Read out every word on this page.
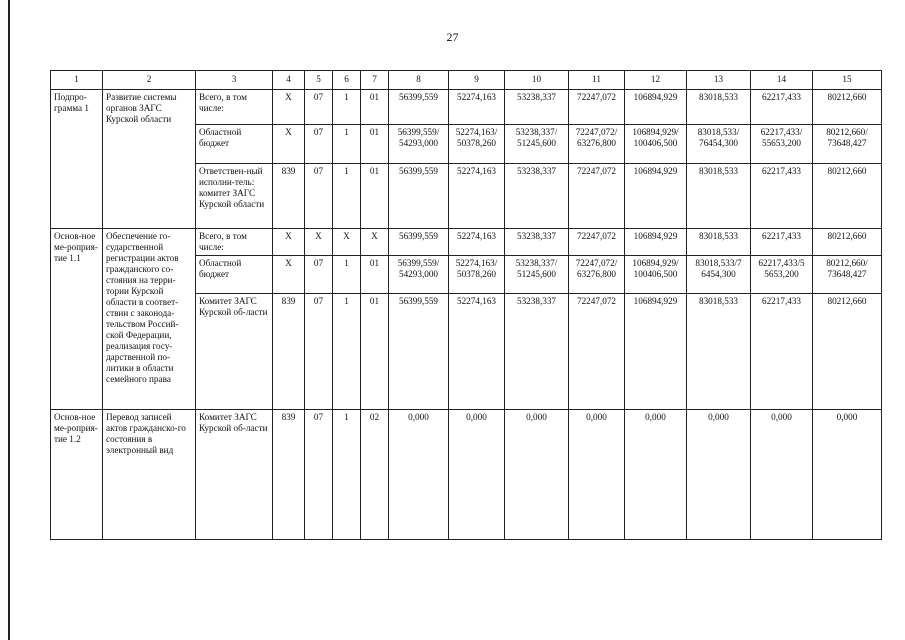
27
1	2	3	4	5	6	7	8	9	10	11	12	13	14	15
Подпро-грамма 1	Развитие системы органов ЗАГС Курской области	Всего, в том числе:	Х	07	1	01	56399,559	52274,163	53238,337	72247,072	106894,929	83018,533	62217,433	80212,660
		Областной бюджет	Х	07	1	01	56399,559/ 54293,000	52274,163/ 50378,260	53238,337/ 51245,600	72247,072/ 63276,800	106894,929/ 100406,500	83018,533/ 76454,300	62217,433/ 55653,200	80212,660/ 73648,427
		Ответствен-ный исполни-тель: комитет ЗАГС Курской области	839	07	1	01	56399,559	52274,163	53238,337	72247,072	106894,929	83018,533	62217,433	80212,660
Основ-ное ме-роприя-тие 1.1	Обеспечение го-сударственной регистрации актов гражданского со-стояния на терри-тории Курской области в соответ-ствии с законода-тельством Россий-ской Федерации, реализация госу-дарственной по-литики в области семейного права	Всего, в том числе:	Х	Х	Х	Х	56399,559	52274,163	53238,337	72247,072	106894,929	83018,533	62217,433	80212,660
		Областной бюджет	Х	07	1	01	56399,559/ 54293,000	52274,163/ 50378,260	53238,337/ 51245,600	72247,072/ 63276,800	106894,929/ 100406,500	83018,533/7 6454,300	62217,433/5 5653,200	80212,660/ 73648,427
		Комитет ЗАГС Курской об-ласти	839	07	1	01	56399,559	52274,163	53238,337	72247,072	106894,929	83018,533	62217,433	80212,660
Основ-ное ме-роприя-тие 1.2	Перевод записей актов гражданско-го состояния в электронный вид	Комитет ЗАГС Курской об-ласти	839	07	1	02	0,000	0,000	0,000	0,000	0,000	0,000	0,000	0,000
